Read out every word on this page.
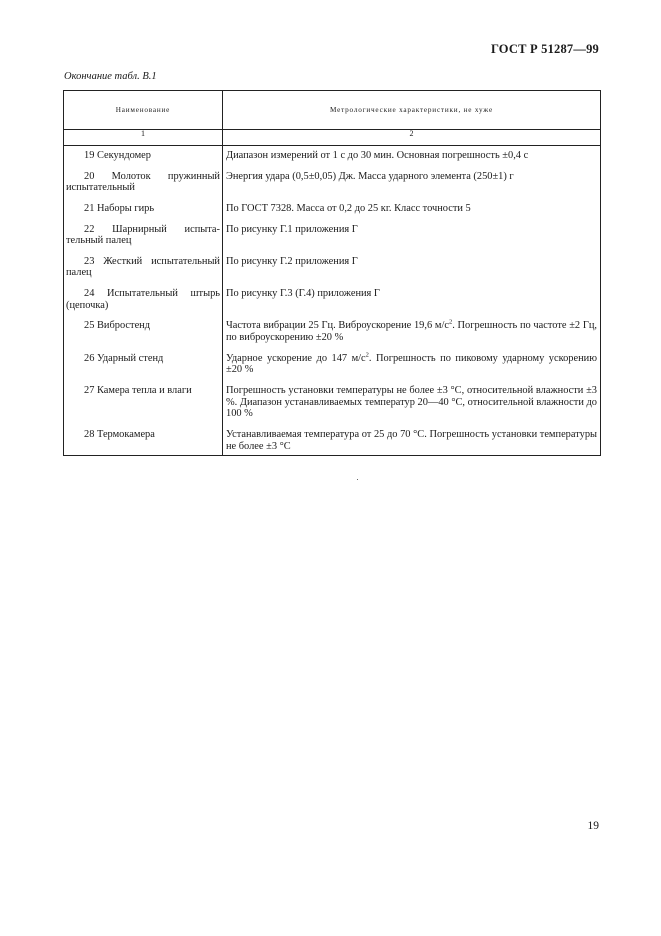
ГОСТ Р 51287—99
Окончание табл. В.1
Наименование	Метрологические характеристики, не хуже
1	2
19 Секундомер	Диапазон измерений от 1 с до 30 мин. Основная погрешность ±0,4 с
20 Молоток пружинный испытательный	Энергия удара (0,5±0,05) Дж. Масса ударного элемента (250±1) г
21 Наборы гирь	По ГОСТ 7328. Масса от 0,2 до 25 кг. Класс точности 5
22 Шарнирный испыта-тельный палец	По рисунку Г.1 приложения Г
23 Жесткий испытательный палец	По рисунку Г.2 приложения Г
24 Испытательный штырь (цепочка)	По рисунку Г.3 (Г.4) приложения Г
25 Вибростенд	Частота вибрации 25 Гц. Виброускорение 19,6 $м/с^2$. Погрешность по частоте ±2 Гц, по виброускорению ±20 %
26 Ударный стенд	Ударное ускорение до 147 $м/с^2$. Погрешность по пиковому ударному ускорению ±20 %
27 Камера тепла и влаги	Погрешность установки температуры не более ±3 °С, относительной влажности ±3 %. Диапазон устанавливаемых температур 20—40 °С, относительной влажности до 100 %
28 Термокамера	Устанавливаемая температура от 25 до 70 °С. Погрешность установки температуры не более ±3 °С
19
